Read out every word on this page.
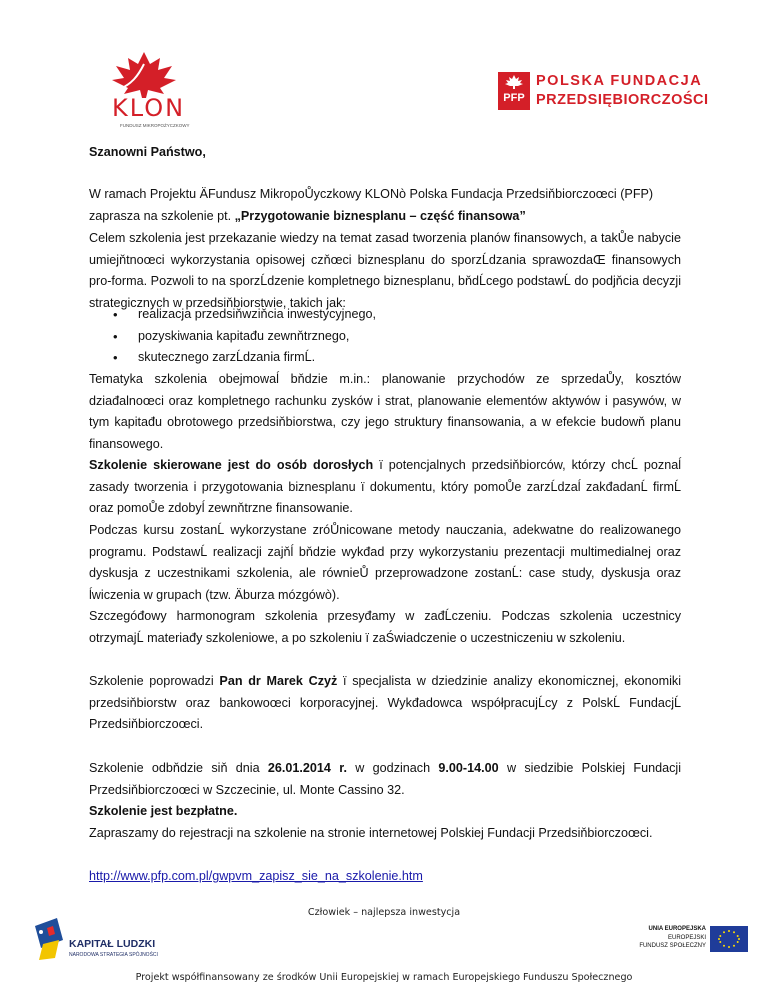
KLON
FUNDUSZ MIKROPOŻYCZKOWY
PFP
POLSKA FUNDACJA
PRZEDSIĘBIORCZOŚCI

Szanowni Państwo,

W ramach Projektu ÄFundusz MikropoŮyczkowy KLONò Polska Fundacja Przedsiňbiorczoœci (PFP)

zaprasza na szkolenie pt. „Przygotowanie biznesplanu – część finansowa”

Celem szkolenia jest przekazanie wiedzy na temat zasad tworzenia planów finansowych, a takŮe nabycie umiejňtnoœci wykorzystania opisowej czňœci biznesplanu do sporzĹdzania sprawozdaŒ finansowych pro-forma. Pozwoli to na sporzĹdzenie kompletnego biznesplanu, bňdĹcego podstawĹ do podjňcia decyzji strategicznych w przedsiňbiorstwie, takich jak:

• realizacja przedsiňwziňcia inwestycyjnego,
• pozyskiwania kapitađu zewnňtrznego,
• skutecznego zarzĹdzania firmĹ.

Tematyka szkolenia obejmowaĺ bňdzie m.in.: planowanie przychodów ze sprzedaŮy, kosztów dziađalnoœci oraz kompletnego rachunku zysków i strat, planowanie elementów aktywów i pasywów, w tym kapitađu obrotowego przedsiňbiorstwa, czy jego struktury finansowania, a w efekcie budowň planu finansowego.

Szkolenie skierowane jest do osób dorosłych ï potencjalnych przedsiňbiorców, którzy chcĹ poznaĺ zasady tworzenia i przygotowania biznesplanu ï dokumentu, który pomoŮe zarzĹdzaĺ zakđadanĹ firmĹ oraz pomoŮe zdobyĺ zewnňtrzne finansowanie.

Podczas kursu zostanĹ wykorzystane zróŮnicowane metody nauczania, adekwatne do realizowanego programu. PodstawĹ realizacji zajňĺ bňdzie wykđad przy wykorzystaniu prezentacji multimedialnej oraz dyskusja z uczestnikami szkolenia, ale równieŮ przeprowadzone zostanĹ: case study, dyskusja oraz ĺwiczenia w grupach (tzw. Äburza mózgówò).

Szczegóđowy harmonogram szkolenia przesyđamy w zađĹczeniu. Podczas szkolenia uczestnicy otrzymajĹ materiađy szkoleniowe, a po szkoleniu ï zaŚwiadczenie o uczestniczeniu w szkoleniu.

Szkolenie poprowadzi Pan dr Marek Czyż ï specjalista w dziedzinie analizy ekonomicznej, ekonomiki przedsiňbiorstw oraz bankowoœci korporacyjnej. Wykđadowca współpracujĹcy z PolskĹ FundacjĹ Przedsiňbiorczoœci.

Szkolenie odbňdzie siň dnia 26.01.2014 r. w godzinach 9.00-14.00 w siedzibie Polskiej Fundacji Przedsiňbiorczoœci w Szczecinie, ul. Monte Cassino 32.

Szkolenie jest bezpłatne.

Zapraszamy do rejestracji na szkolenie na stronie internetowej Polskiej Fundacji Przedsiňbiorczoœci.

http://www.pfp.com.pl/gwpvm_zapisz_sie_na_szkolenie.htm

Człowiek – najlepsza inwestycja
KAPITAŁ LUDZKI
NARODOWA STRATEGIA SPÓJNOŚCI
UNIA EUROPEJSKA
EUROPEJSKI
FUNDUSZ SPOŁECZNY
Projekt współfinansowany ze środków Unii Europejskiej w ramach Europejskiego Funduszu Społecznego
